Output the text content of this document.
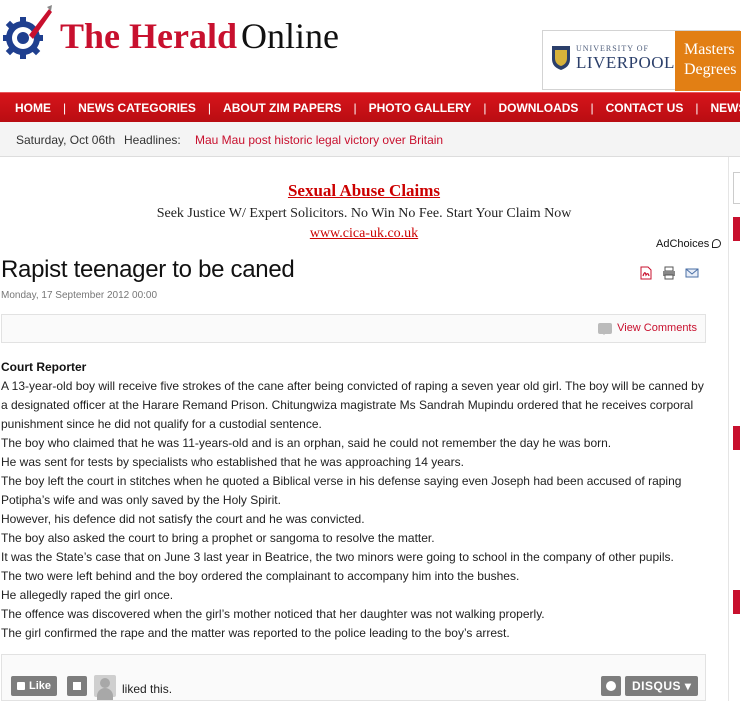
The Herald Online	UNIVERSITY OF
LIVERPOOL
Masters
Degrees
HOME | NEWS CATEGORIES | ABOUT ZIM PAPERS | PHOTO GALLERY | DOWNLOADS | CONTACT US | NEWSP
Saturday, Oct 06th Headlines: Mau Mau post historic legal victory over Britain
Sexual Abuse Claims
Seek Justice W/ Expert Solicitors. No Win No Fee. Start Your Claim Now
www.cica-uk.co.uk
AdChoices
Rapist teenager to be caned
Monday, 17 September 2012 00:00
View Comments
Court Reporter

A 13-year-old boy will receive five strokes of the cane after being convicted of raping a seven year old girl. The boy will be canned by a designated officer at the Harare Remand Prison. Chitungwiza magistrate Ms Sandrah Mupindu ordered that he receives corporal punishment since he did not qualify for a custodial sentence.

The boy who claimed that he was 11-years-old and is an orphan, said he could not remember the day he was born.

He was sent for tests by specialists who established that he was approaching 14 years.

The boy left the court in stitches when he quoted a Biblical verse in his defense saying even Joseph had been accused of raping Potipha’s wife and was only saved by the Holy Spirit.

However, his defence did not satisfy the court and he was convicted.

The boy also asked the court to bring a prophet or sangoma to resolve the matter.

It was the State’s case that on June 3 last year in Beatrice, the two minors were going to school in the company of other pupils.

The two were left behind and the boy ordered the complainant to accompany him into the bushes.

He allegedly raped the girl once.

The offence was discovered when the girl’s mother noticed that her daughter was not walking properly.

The girl confirmed the rape and the matter was reported to the police leading to the boy’s arrest.

Like	liked this.	DISQUS ▾
